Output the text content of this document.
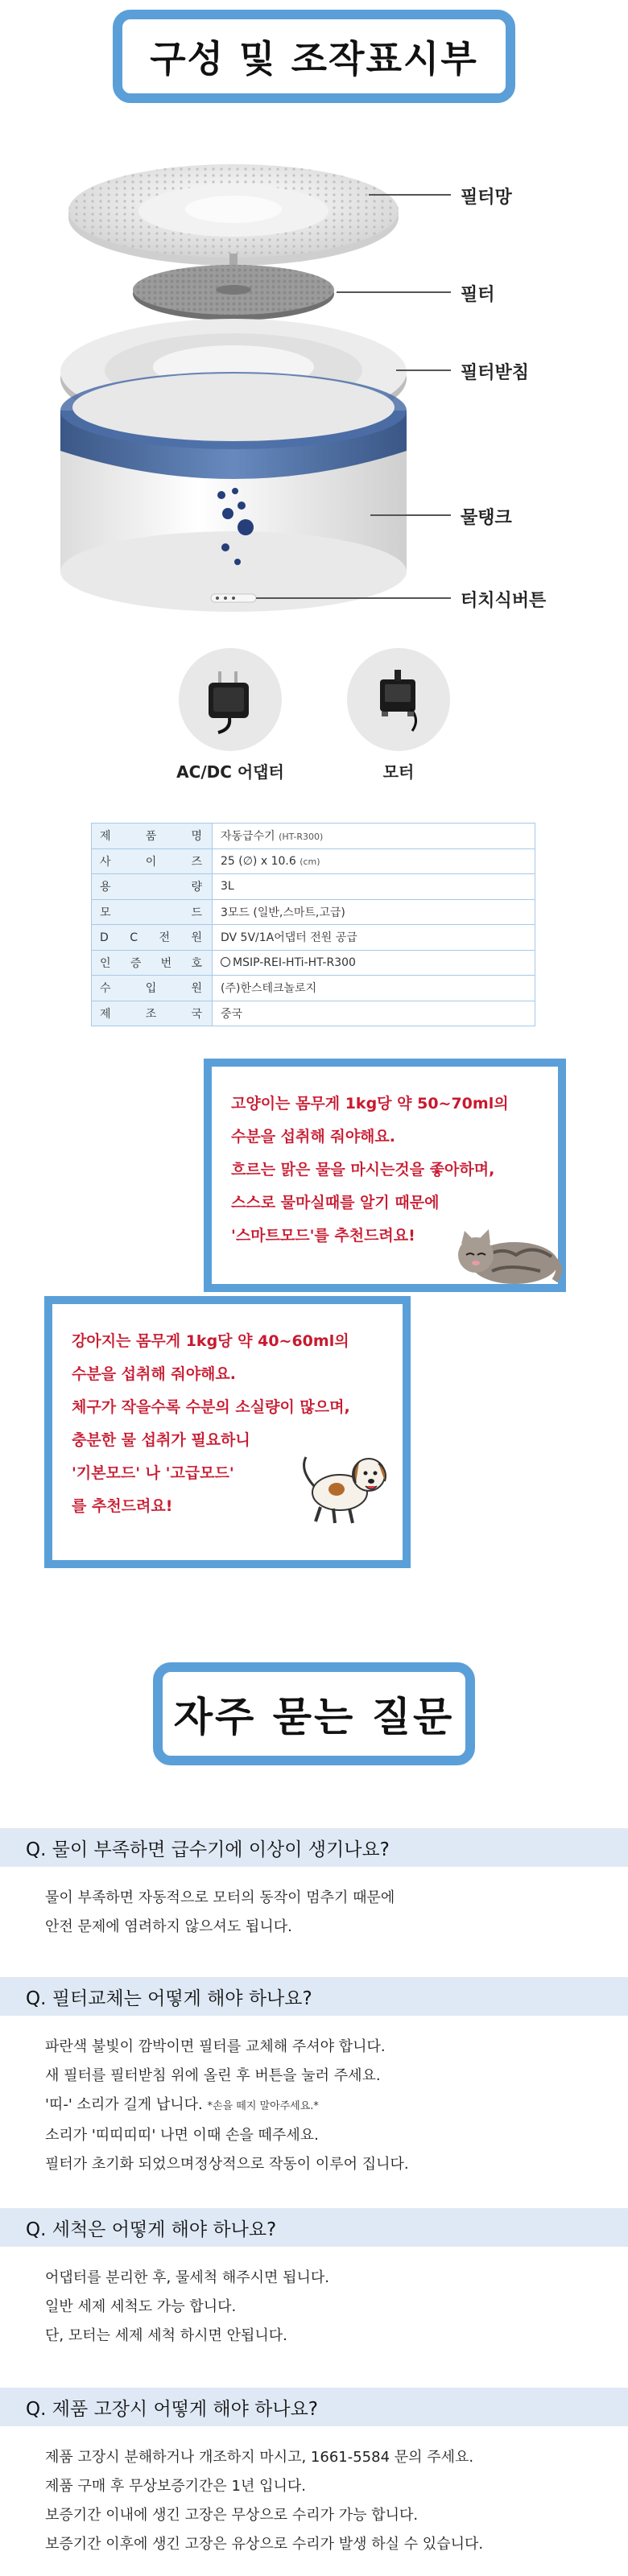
구성 및 조작표시부
필터망
필터
필터받침
물탱크
터치식버튼
AC/DC 어댑터	모터
제 품 명	자동급수기 (HT-R300)
사 이 즈	25 (∅) x 10.6 (cm)
용 량	3L
모 드	3모드 (일반,스마트,고급)
D C 전 원	DV 5V/1A어댑터 전원 공급
인 증 번 호	MSIP-REI-HTi-HT-R300
수 입 원	(주)한스테크놀로지
제 조 국	중국
고양이는 몸무게 1kg당 약 50~70ml의
수분을 섭취해 줘야해요.
흐르는 맑은 물을 마시는것을 좋아하며,
스스로 물마실때를 알기 때문에
'스마트모드'를 추천드려요!
강아지는 몸무게 1kg당 약 40~60ml의
수분을 섭취해 줘야해요.
체구가 작을수록 수분의 소실량이 많으며,
충분한 물 섭취가 필요하니
'기본모드' 나 '고급모드'
를 추천드려요!
자주 묻는 질문
Q. 물이 부족하면 급수기에 이상이 생기나요?
물이 부족하면 자동적으로 모터의 동작이 멈추기 때문에
안전 문제에 염려하지 않으셔도 됩니다.
Q. 필터교체는 어떻게 해야 하나요?
파란색 불빛이 깜박이면 필터를 교체해 주셔야 합니다.
새 필터를 필터받침 위에 올린 후 버튼을 눌러 주세요.
'띠-' 소리가 길게 납니다. *손을 떼지 말아주세요.*
소리가 '띠띠띠띠' 나면 이때 손을 떼주세요.
필터가 초기화 되었으며정상적으로 작동이 이루어 집니다.
Q. 세척은 어떻게 해야 하나요?
어댑터를 분리한 후, 물세척 해주시면 됩니다.
일반 세제 세척도 가능 합니다.
단, 모터는 세제 세척 하시면 안됩니다.
Q. 제품 고장시 어떻게 해야 하나요?
제품 고장시 분해하거나 개조하지 마시고, 1661-5584 문의 주세요.
제품 구매 후 무상보증기간은 1년 입니다.
보증기간 이내에 생긴 고장은 무상으로 수리가 가능 합니다.
보증기간 이후에 생긴 고장은 유상으로 수리가 발생 하실 수 있습니다.
